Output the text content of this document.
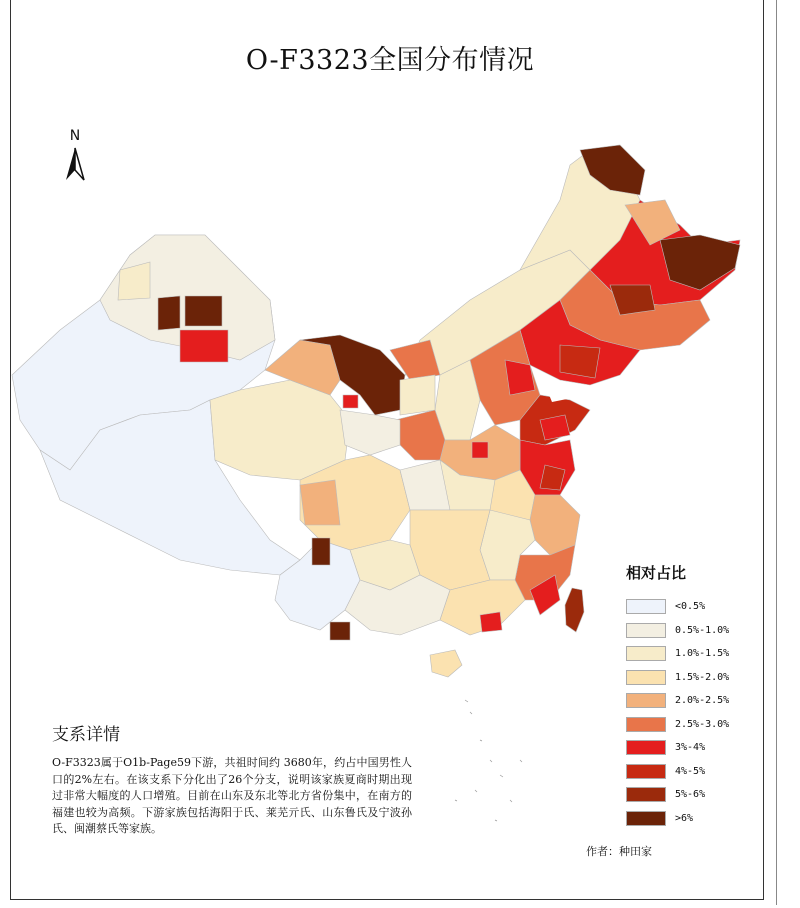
O-F3323全国分布情况
N
相对占比
<0.5%
0.5%-1.0%
1.0%-1.5%
1.5%-2.0%
2.0%-2.5%
2.5%-3.0%
3%-4%
4%-5%
5%-6%
>6%
支系详情
O-F3323属于O1b-Page59下游，共祖时间约 3680年，约占中国男性人口的2%左右。在该支系下分化出了26个分支，说明该家族夏商时期出现过非常大幅度的人口增殖。目前在山东及东北等北方省份集中，在南方的福建也较为高频。下游家族包括海阳于氏、莱芜亓氏、山东鲁氏及宁波孙氏、闽潮蔡氏等家族。
作者：种田家
